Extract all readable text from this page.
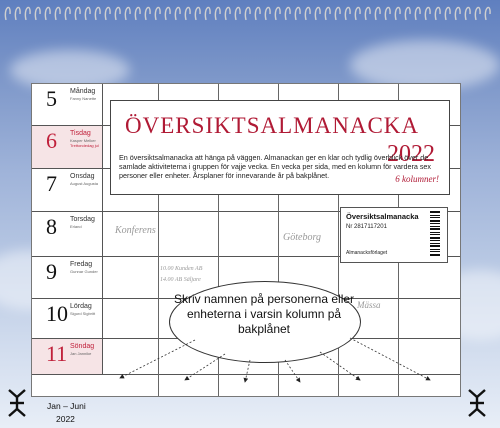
5 Måndag
Fanny Nanette
6 Tisdag
Kasper Melker
Trettondedag jul
7 Onsdag
August Augusta
8 Torsdag
Erland
9 Fredag
Gunnar Gunder
10 Lördag
Sigurd Sigbritt
11 Söndag
Jan Jannike
Konferens
Göteborg
10.00 Kunden AB
14.00 AB Säljare
Mässa
ÖVERSIKTSALMANACKA
2022
En översiktsalmanacka att hänga på väggen. Almanackan ger en klar och tydlig överblick över de samlade aktiviteterna i gruppen för vajje vecka. En vecka per sida, med en kolumn för vardera sex personer eller enheter. Årsplaner för innevarande år på bakplånet.	6 kolumner!
Översiktsalmanacka
Nr 2817117201
Almanacksförlaget
Skriv namnen på personerna eller enheterna i varsin kolumn på bakplånet
Jan – Juni
2022
